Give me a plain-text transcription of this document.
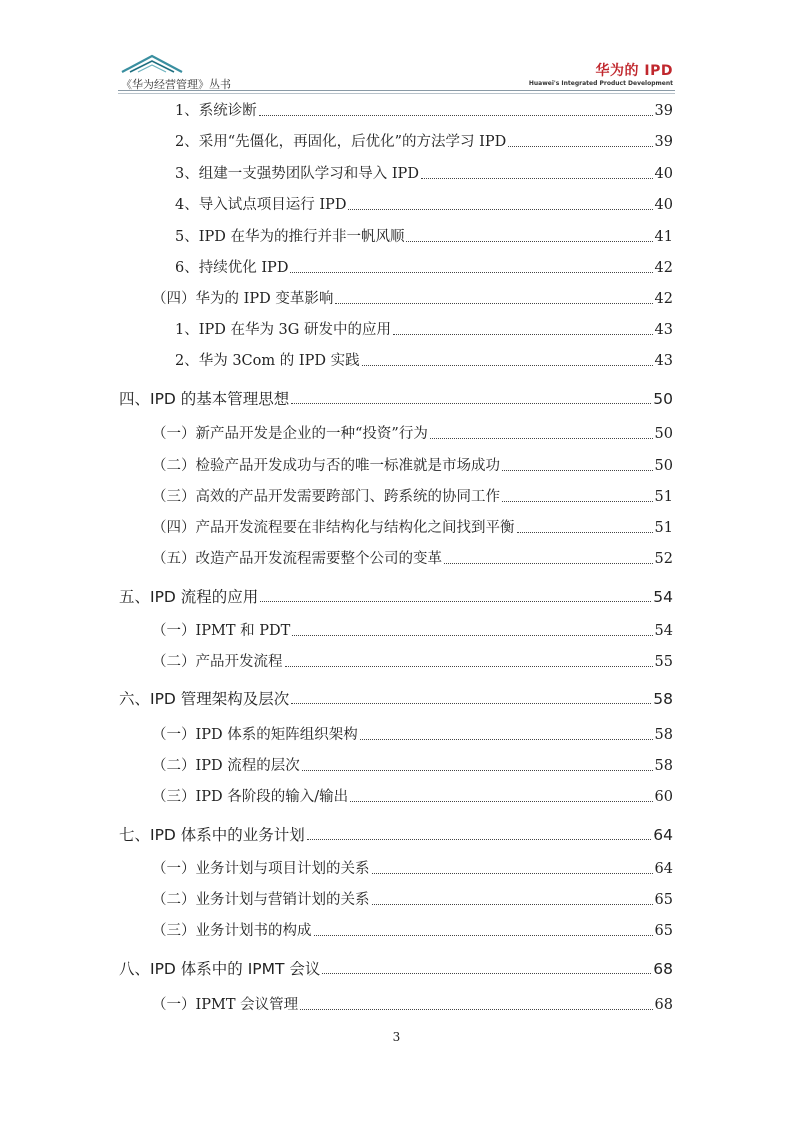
《华为经营管理》丛书
华为的 IPD
Huawei's Integrated Product Development
1、系统诊断	39
2、采用“先僵化，再固化，后优化”的方法学习 IPD	39
3、组建一支强势团队学习和导入 IPD	40
4、导入试点项目运行 IPD	40
5、IPD 在华为的推行并非一帆风顺	41
6、持续优化 IPD	42
（四）华为的 IPD 变革影响	42
1、IPD 在华为 3G 研发中的应用	43
2、华为 3Com 的 IPD 实践	43
四、IPD 的基本管理思想	50
（一）新产品开发是企业的一种“投资”行为	50
（二）检验产品开发成功与否的唯一标准就是市场成功	50
（三）高效的产品开发需要跨部门、跨系统的协同工作	51
（四）产品开发流程要在非结构化与结构化之间找到平衡	51
（五）改造产品开发流程需要整个公司的变革	52
五、IPD 流程的应用	54
（一）IPMT 和 PDT	54
（二）产品开发流程	55
六、IPD 管理架构及层次	58
（一）IPD 体系的矩阵组织架构	58
（二）IPD 流程的层次	58
（三）IPD 各阶段的输入/输出	60
七、IPD 体系中的业务计划	64
（一）业务计划与项目计划的关系	64
（二）业务计划与营销计划的关系	65
（三）业务计划书的构成	65
八、IPD 体系中的 IPMT 会议	68
（一）IPMT 会议管理	68
3
